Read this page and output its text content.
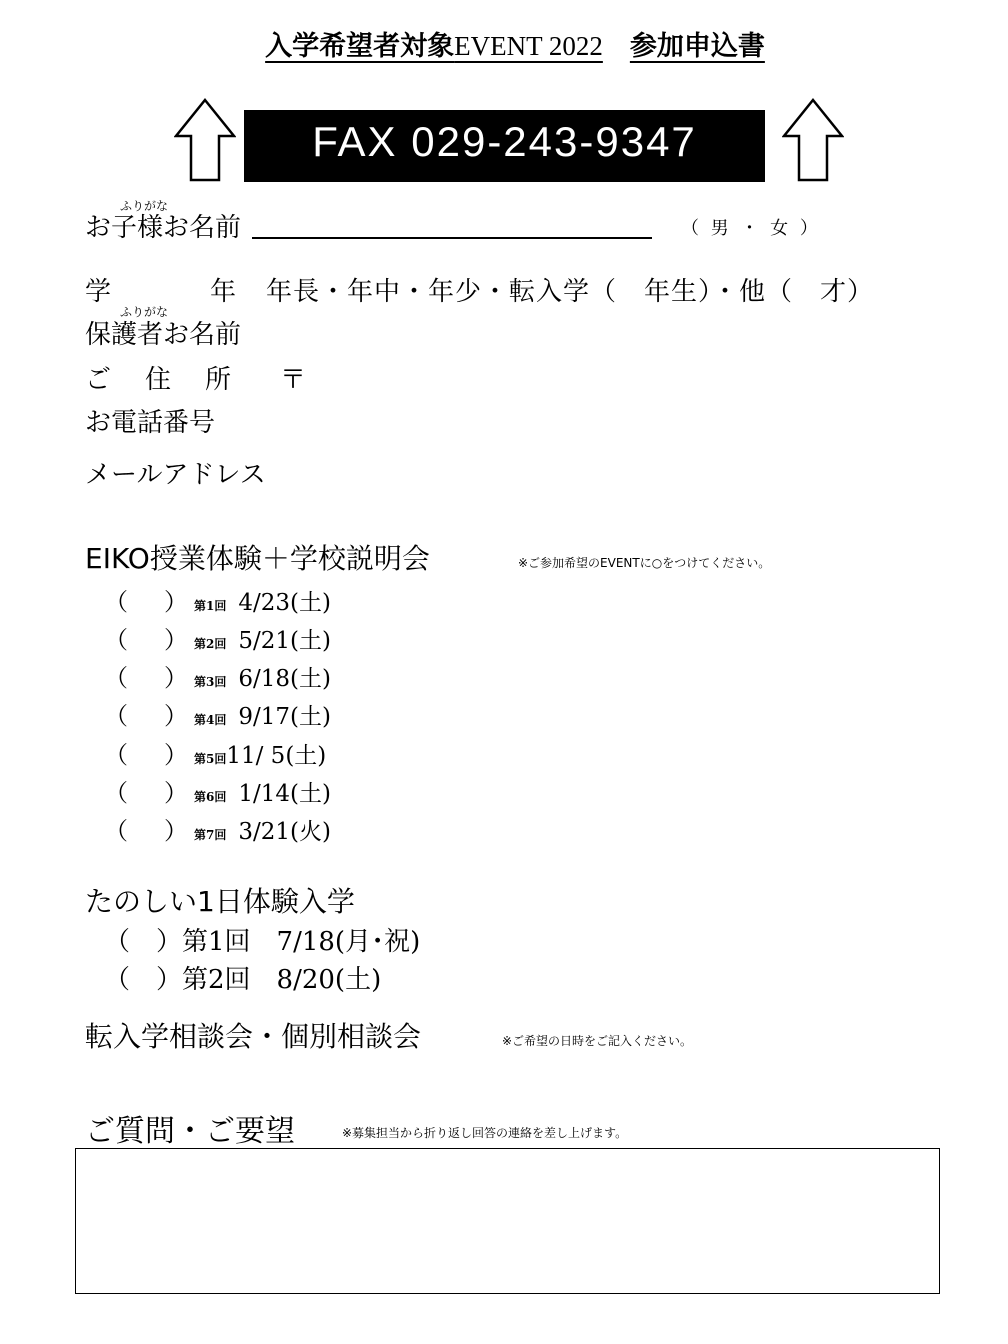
入学希望者対象EVENT 2022　 参加申込書
FAX 029-243-9347
ふりがな
お子様お名前	（ 男 ・ 女 ）
学	年 年長・年中・年少・転入学（　年生）・他（　才）
ふりがな
保護者お名前
ご　住　所 〒
お電話番号
メールアドレス
EIKO授業体験＋学校説明会	※ご参加希望のEVENTに○をつけてください。
（ ） 第1回 4/23(土)
（ ） 第2回 5/21(土)
（ ） 第3回 6/18(土)
（ ） 第4回 9/17(土)
（ ） 第5回11/ 5(土)
（ ） 第6回 1/14(土)
（ ） 第7回 3/21(火)
たのしい1日体験入学
（　）第1回　7/18(月･祝)
（　）第2回　8/20(土)
転入学相談会・個別相談会	※ご希望の日時をご記入ください。
ご質問・ご要望	※募集担当から折り返し回答の連絡を差し上げます。
